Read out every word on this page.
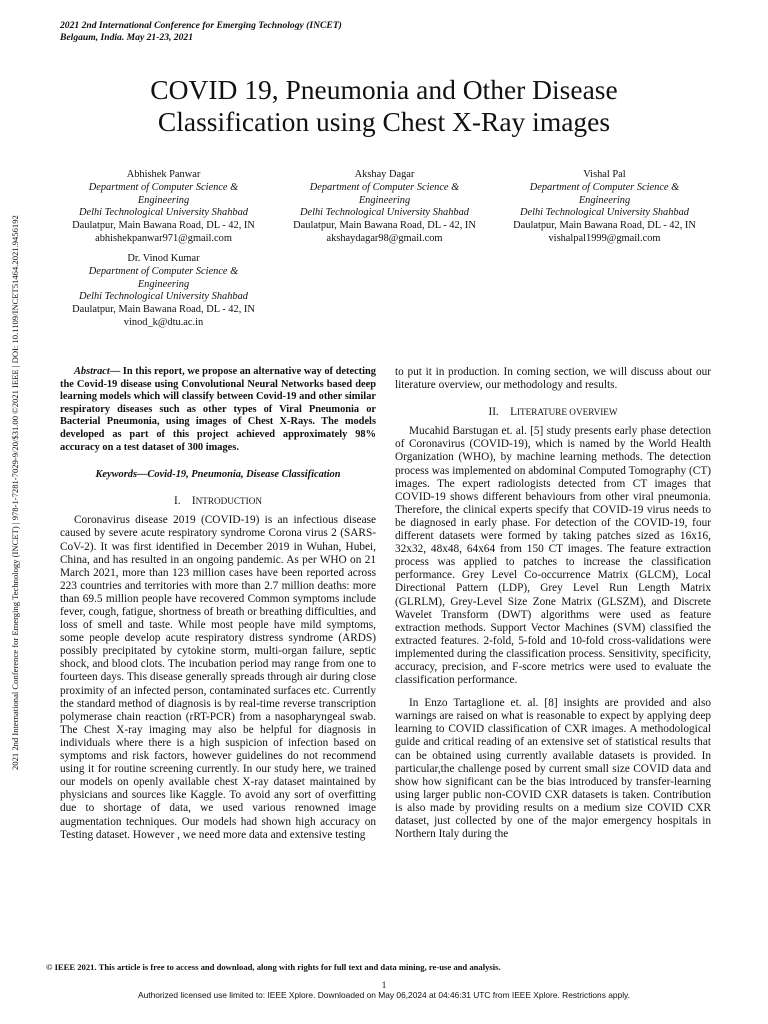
2021 2nd International Conference for Emerging Technology (INCET)
Belgaum, India. May 21-23, 2021
2021 2nd International Conference for Emerging Technology (INCET) | 978-1-7281-7029-9/20/$31.00 ©2021 IEEE | DOI: 10.1109/INCET51464.2021.9456192
COVID 19, Pneumonia and Other Disease
Classification using Chest X-Ray images
Abhishek Panwar
Department of Computer Science &
Engineering
Delhi Technological University Shahbad
Daulatpur, Main Bawana Road, DL - 42, IN
abhishekpanwar971@gmail.com
Akshay Dagar
Department of Computer Science &
Engineering
Delhi Technological University Shahbad
Daulatpur, Main Bawana Road, DL - 42, IN
akshaydagar98@gmail.com
Vishal Pal
Department of Computer Science &
Engineering
Delhi Technological University Shahbad
Daulatpur, Main Bawana Road, DL - 42, IN
vishalpal1999@gmail.com
Dr. Vinod Kumar
Department of Computer Science &
Engineering
Delhi Technological University Shahbad
Daulatpur, Main Bawana Road, DL - 42, IN
vinod_k@dtu.ac.in

Abstract— In this report, we propose an alternative way of detecting the Covid-19 disease using Convolutional Neural Networks based deep learning models which will classify between Covid-19 and other similar respiratory diseases such as other types of Viral Pneumonia or Bacterial Pneumonia, using images of Chest X-Rays. The models developed as part of this project achieved approximately 98% accuracy on a test dataset of 300 images.

Keywords—Covid-19, Pneumonia, Disease Classification

I. INTRODUCTION

Coronavirus disease 2019 (COVID-19) is an infectious disease caused by severe acute respiratory syndrome Corona virus 2 (SARS-CoV-2). It was first identified in December 2019 in Wuhan, Hubei, China, and has resulted in an ongoing pandemic. As per WHO on 21 March 2021, more than 123 million cases have been reported across 223 countries and territories with more than 2.7 million deaths: more than 69.5 million people have recovered Common symptoms include fever, cough, fatigue, shortness of breath or breathing difficulties, and loss of smell and taste. While most people have mild symptoms, some people develop acute respiratory distress syndrome (ARDS) possibly precipitated by cytokine storm, multi-organ failure, septic shock, and blood clots. The incubation period may range from one to fourteen days. This disease generally spreads through air during close proximity of an infected person, contaminated surfaces etc. Currently the standard method of diagnosis is by real-time reverse transcription polymerase chain reaction (rRT-PCR) from a nasopharyngeal swab. The Chest X-ray imaging may also be helpful for diagnosis in individuals where there is a high suspicion of infection based on symptoms and risk factors, however guidelines do not recommend using it for routine screening currently. In our study here, we trained our models on openly available chest X-ray dataset maintained by physicians and sources like Kaggle. To avoid any sort of overfitting due to shortage of data, we used various renowned image augmentation techniques. Our models had shown high accuracy on Testing dataset. However , we need more data and extensive testing

to put it in production. In coming section, we will discuss about our literature overview, our methodology and results.

II. LITERATURE OVERVIEW

Mucahid Barstugan et. al. [5] study presents early phase detection of Coronavirus (COVID-19), which is named by the World Health Organization (WHO), by machine learning methods. The detection process was implemented on abdominal Computed Tomography (CT) images. The expert radiologists detected from CT images that COVID-19 shows different behaviours from other viral pneumonia. Therefore, the clinical experts specify that COVID-19 virus needs to be diagnosed in early phase. For detection of the COVID-19, four different datasets were formed by taking patches sized as 16x16, 32x32, 48x48, 64x64 from 150 CT images. The feature extraction process was applied to patches to increase the classification performance. Grey Level Co-occurrence Matrix (GLCM), Local Directional Pattern (LDP), Grey Level Run Length Matrix (GLRLM), Grey-Level Size Zone Matrix (GLSZM), and Discrete Wavelet Transform (DWT) algorithms were used as feature extraction methods. Support Vector Machines (SVM) classified the extracted features. 2-fold, 5-fold and 10-fold cross-validations were implemented during the classification process. Sensitivity, specificity, accuracy, precision, and F-score metrics were used to evaluate the classification performance.

In Enzo Tartaglione et. al. [8] insights are provided and also warnings are raised on what is reasonable to expect by applying deep learning to COVID classification of CXR images. A methodological guide and critical reading of an extensive set of statistical results that can be obtained using currently available datasets is provided. In particular,the challenge posed by current small size COVID data and show how significant can be the bias introduced by transfer-learning using larger public non-COVID CXR datasets is taken. Contribution is also made by providing results on a medium size COVID CXR dataset, just collected by one of the major emergency hospitals in Northern Italy during the

© IEEE 2021. This article is free to access and download, along with rights for full text and data mining, re-use and analysis.
1
Authorized licensed use limited to: IEEE Xplore. Downloaded on May 06,2024 at 04:46:31 UTC from IEEE Xplore. Restrictions apply.
